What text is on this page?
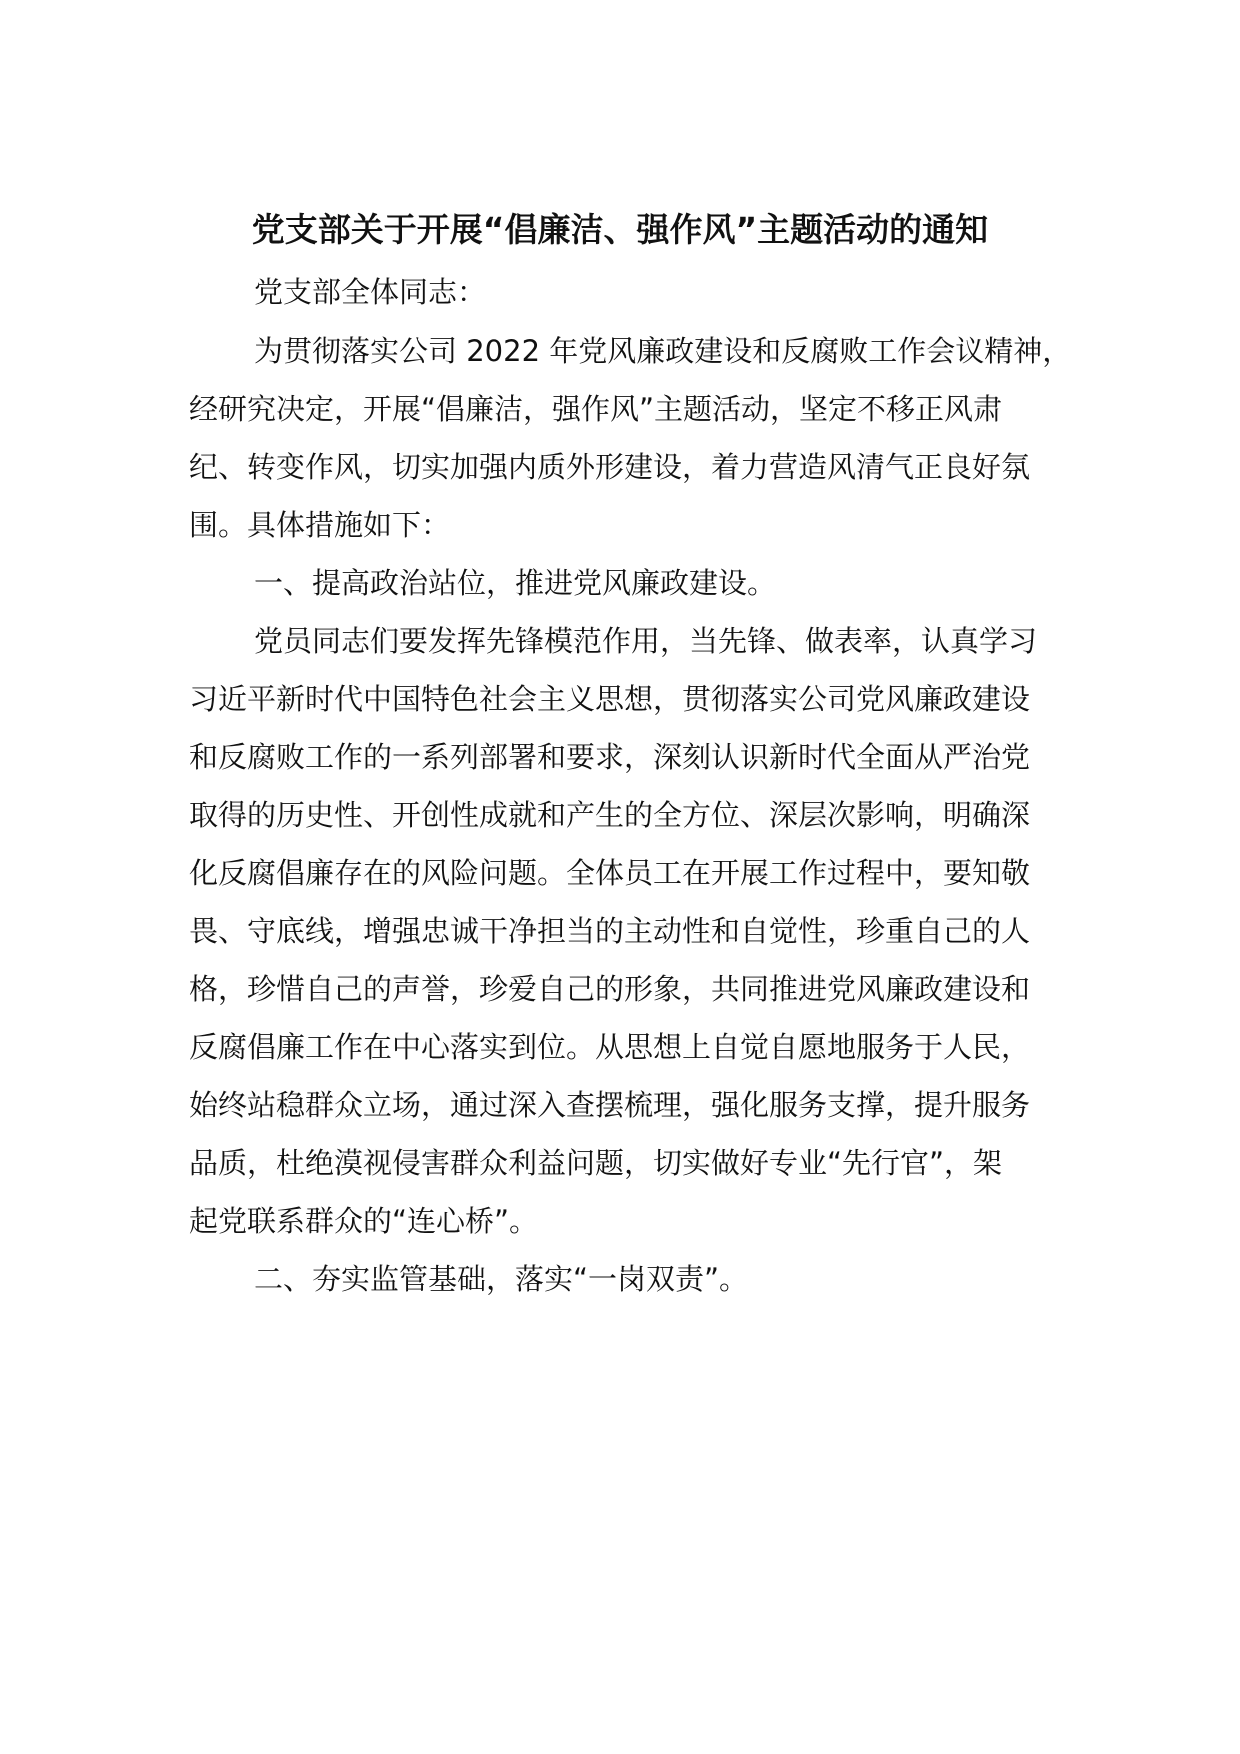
党支部关于开展“倡廉洁、强作风”主题活动的通知

党支部全体同志：

为贯彻落实公司 2022 年党风廉政建设和反腐败工作会议精神，

经研究决定，开展“倡廉洁，强作风”主题活动，坚定不移正风肃

纪、转变作风，切实加强内质外形建设，着力营造风清气正良好氛

围。具体措施如下：

一、提高政治站位，推进党风廉政建设。

党员同志们要发挥先锋模范作用，当先锋、做表率，认真学习

习近平新时代中国特色社会主义思想，贯彻落实公司党风廉政建设

和反腐败工作的一系列部署和要求，深刻认识新时代全面从严治党

取得的历史性、开创性成就和产生的全方位、深层次影响，明确深

化反腐倡廉存在的风险问题。全体员工在开展工作过程中，要知敬

畏、守底线，增强忠诚干净担当的主动性和自觉性，珍重自己的人

格，珍惜自己的声誉，珍爱自己的形象，共同推进党风廉政建设和

反腐倡廉工作在中心落实到位。从思想上自觉自愿地服务于人民，

始终站稳群众立场，通过深入查摆梳理，强化服务支撑，提升服务

品质，杜绝漠视侵害群众利益问题，切实做好专业“先行官”，架

起党联系群众的“连心桥”。

二、夯实监管基础，落实“一岗双责”。
